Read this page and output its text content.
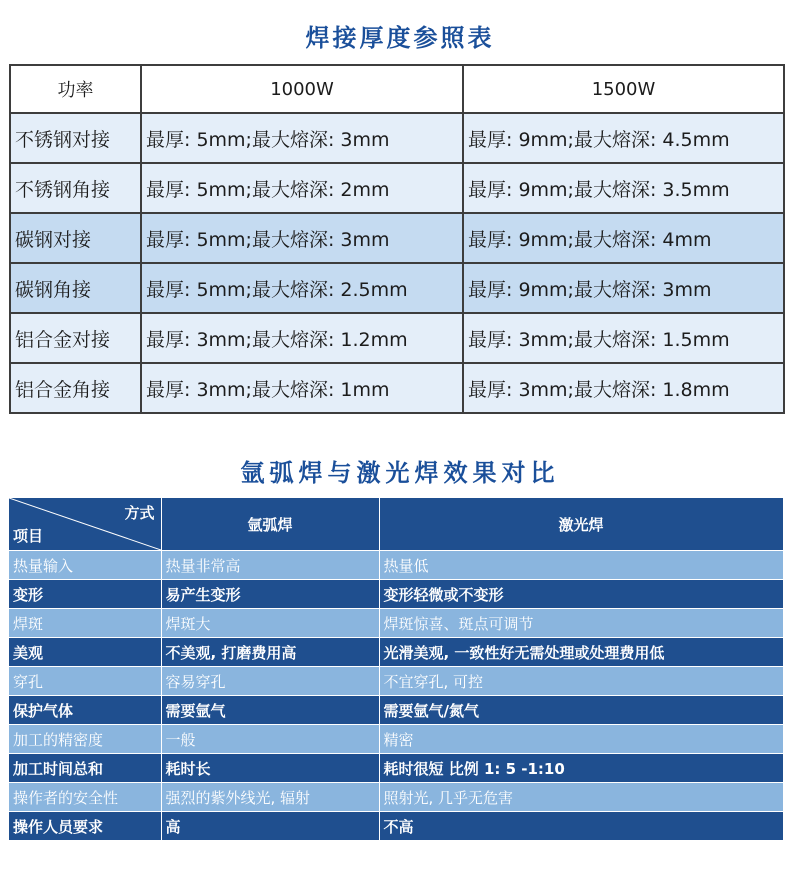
焊接厚度参照表
功率	1000W	1500W
不锈钢对接	最厚: 5mm;最大熔深: 3mm	最厚: 9mm;最大熔深: 4.5mm
不锈钢角接	最厚: 5mm;最大熔深: 2mm	最厚: 9mm;最大熔深: 3.5mm
碳钢对接	最厚: 5mm;最大熔深: 3mm	最厚: 9mm;最大熔深: 4mm
碳钢角接	最厚: 5mm;最大熔深: 2.5mm	最厚: 9mm;最大熔深: 3mm
铝合金对接	最厚: 3mm;最大熔深: 1.2mm	最厚: 3mm;最大熔深: 1.5mm
铝合金角接	最厚: 3mm;最大熔深: 1mm	最厚: 3mm;最大熔深: 1.8mm
氩弧焊与激光焊效果对比
方式
项目	氩弧焊	激光焊
热量输入	热量非常高	热量低
变形	易产生变形	变形轻微或不变形
焊斑	焊斑大	焊斑惊喜、斑点可调节
美观	不美观, 打磨费用高	光滑美观, 一致性好无需处理或处理费用低
穿孔	容易穿孔	不宜穿孔, 可控
保护气体	需要氩气	需要氩气/氮气
加工的精密度	一般	精密
加工时间总和	耗时长	耗时很短 比例 1: 5 -1:10
操作者的安全性	强烈的紫外线光, 辐射	照射光, 几乎无危害
操作人员要求	高	不高
